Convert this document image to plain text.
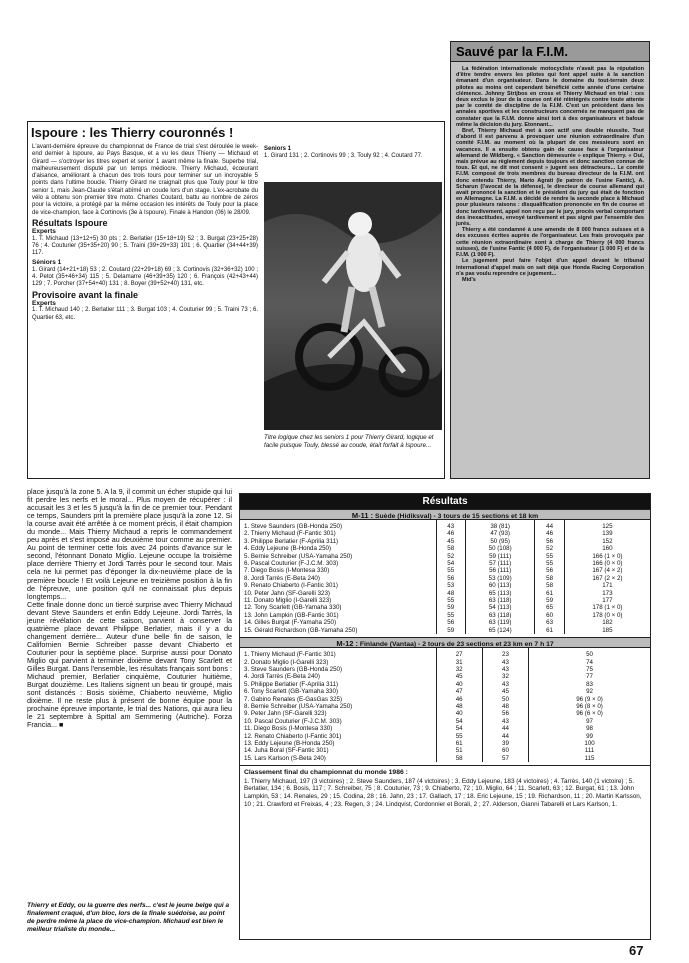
Sauvé par la F.I.M.

La fédération internationale motocycliste n'avait pas la réputation d'être tendre envers les pilotes qui font appel suite à la sanction émanant d'un organisateur. Dans le domaine du tout-terrain deux pilotes au moins ont cependant bénéficié cette année d'une certaine clémence. Johnny Strijbos en cross et Thierry Michaud en trial : ces deux exclus le jour de la course ont été réintégrés contre toute attente par le comité de discipline de la F.I.M. C'est un précédent dans les annales sportives et les constructeurs concernés ne manquent pas de constater que la F.I.M. donne ainsi tort à des organisateurs et bafoue même la décision du jury. Etonnant...

Bref, Thierry Michaud met à son actif une double réussite. Tout d'abord il est parvenu à provoquer une réunion extraordinaire d'un comité F.I.M. au moment où la plupart de ces messieurs sont en vacances. Il a ensuite obtenu gain de cause face à l'organisateur allemand de Wildberg. « Sanction démesurée » explique Thierry. « Oui, mais prévue au règlement depuis toujours et donc sanction connue de tous. Et qui, ne dit mot consent » jugent ses détracteurs... Le comité F.I.M. composé de trois membres du bureau directeur de la F.I.M. ont donc entendu Thierry, Mario Agrati (le patron de l'usine Fantic), A. Scharun (l'avocat de la défense), le directeur de course allemand qui avait prononcé la sanction et le président du jury qui était de fonction en Allemagne. La F.I.M. a décidé de rendre la seconde place à Michaud pour plusieurs raisons : disqualification prononcée en fin de course et donc tardivement, appel non reçu par le jury, procès verbal comportant des inexactitudes, envoyé tardivement et pas signé par l'ensemble des jurés.

Thierry a été condamné à une amende de 8 000 francs suisses et à des excuses écrites auprès de l'organisateur. Les frais provoqués par cette réunion extraordinaire sont à charge de Thierry (4 000 francs suisses), de l'usine Fantic (4 000 F), de l'organisateur (1 000 F) et de la F.I.M. (1 000 F).

Le jugement peut faire l'objet d'un appel devant le tribunal international d'appel mais on sait déjà que Honda Racing Corporation n'a pas voulu reprendre ce jugement...

Mid's

Ispoure : les Thierry couronnés !

L'avant-dernière épreuve du championnat de France de trial s'est déroulée le week-end dernier à Ispoure, au Pays Basque, et a vu les deux Thierry — Michaud et Girard — s'octroyer les titres expert et senior 1 avant même la finale. Superbe trial, malheureusement disputé par un temps médiocre. Thierry Michaud, écœurant d'aisance, améliorant à chacun des trois tours pour terminer sur un incroyable 5 points dans l'ultime boucle. Thierry Girard ne craignait plus que Touly pour le titre senior 1, mais Jean-Claude s'était abîmé un coude lors d'un stage. L'ex-acrobate du vélo a obtenu son premier titre moto. Charles Coutard, battu au nombre de zéros pour la victoire, a protégé par la même occasion les intérêts de Touly pour la place de vice-champion, face à Cortinovis (3e à Ispoure). Finale à Handon (06) le 28/09.

Résultats Ispoure
Experts

1. T. Michaud (13+12+5) 30 pts ; 2. Berlatier (15+18+19) 52 ; 3. Burgat (23+25+28) 76 ; 4. Couturier (35+35+20) 90 ; 5. Traini (39+29+33) 101 ; 6. Quartier (34+44+39) 117.

Séniors 1

1. Girard (14+21+18) 53 ; 2. Coutard (22+29+18) 69 ; 3. Cortinovis (32+36+32) 100 ; 4. Petot (35+46+34) 115 ; 5. Delamarre (46+39+35) 120 ; 6. François (42+43+44) 129 ; 7. Porcher (37+54+40) 131 ; 8. Boyer (39+52+40) 131, etc.

Provisoire avant la finale
Experts

1. T. Michaud 140 ; 2. Berlatier 111 ; 3. Burgat 103 ; 4. Couturier 99 ; 5. Traini 73 ; 6. Quartier 63, etc.

Seniors 1

1. Girard 131 ; 2. Cortinovis 99 ; 3. Touly 92 ; 4. Coutard 77.

Titre logique chez les seniors 1 pour Thierry Girard, logique et facile puisque Touly, blessé au coude, était forfait à Ispoure...

place jusqu'à la zone 5. A la 9, il commit un écher stupide qui lui fit perdre les nerfs et le moral... Plus moyen de récupérer : il accusait les 3 et les 5 jusqu'à la fin de ce premier tour. Pendant ce temps, Saunders prit la première place jusqu'à la zone 12. Si la course avait été arrêtée à ce moment précis, il était champion du monde... Mais Thierry Michaud a repris le commandement peu après et s'est imposé au deuxième tour comme au premier. Au point de terminer cette fois avec 24 points d'avance sur le second, l'étonnant Donato Miglio. Lejeune occupe la troisième place derrière Thierry et Jordi Tarrès pour le second tour. Mais cela ne lui permet pas d'éponger la dix-neuvième place de la première boucle ! Et voilà Lejeune en treizième position à la fin de l'épreuve, une position qu'il ne connaissait plus depuis longtemps...

Cette finale donne donc un tiercé surprise avec Thierry Michaud devant Steve Saunders et enfin Eddy Lejeune. Jordi Tarrès, la jeune révélation de cette saison, parvient à conserver la quatrième place devant Philippe Berlatier, mais il y a du changement derrière... Auteur d'une belle fin de saison, le Californien Bernie Schreiber passe devant Chiaberto et Couturier pour la septième place. Surprise aussi pour Donato Miglio qui parvient à terminer dixième devant Tony Scarlett et Gilles Burgat. Dans l'ensemble, les résultats français sont bons : Michaud premier, Berlatier cinquième, Couturier huitième, Burgat douzième. Les Italiens signent un beau tir groupé, mais sont distancés : Bosis sixième, Chiaberto neuvième, Miglio dixième. Il ne reste plus à présent de bonne équipe pour la prochaine épreuve importante, le trial des Nations, qui aura lieu le 21 septembre à Spittal am Semmering (Autriche). Forza Francia... ■

Thierry et Eddy, ou la guerre des nerfs... c'est le jeune belge qui a finalement craqué, d'un bloc, lors de la finale suédoise, au point de perdre même la place de vice-champion. Michaud est bien le meilleur trialiste du monde...
Résultats
M-11 : Suède (Hidiksval) - 3 tours de 15 sections et 18 km
1. Steve Saunders (GB-Honda 250)	43	38 (81)	44	125
2. Thierry Michaud (F-Fantic 301)	46	47 (93)	46	139
3. Philippe Berlatier (F-Aprilia 311)	45	50 (95)	56	152
4. Eddy Lejeune (B-Honda 250)	58	50 (108)	52	160
5. Bernie Schreiber (USA-Yamaha 250)	52	59 (111)	55	166 (1 × 0)
6. Pascal Couturier (F-J.C.M. 303)	54	57 (111)	55	166 (0 × 0)
7. Diego Bosis (I-Montesa 330)	55	56 (111)	56	167 (4 × 2)
8. Jordi Tarrès (E-Beta 240)	56	53 (109)	58	167 (2 × 2)
9. Renato Chiaberto (I-Fantic 301)	53	60 (113)	58	171
10. Peter Jahn (SF-Garelli 323)	48	65 (113)	61	173
11. Donato Miglio (I-Garelli 323)	55	63 (118)	59	177
12. Tony Scarlett (GB-Yamaha 330)	59	54 (113)	65	178 (1 × 0)
13. John Lampkin (GB-Fantic 301)	55	63 (118)	60	178 (0 × 0)
14. Gilles Burgat (F-Yamaha 250)	56	63 (119)	63	182
15. Gérald Richardson (GB-Yamaha 250)	59	65 (124)	61	185
M-12 : Finlande (Vantaa) - 2 tours de 23 sections et 23 km en 7 h 17
1. Thierry Michaud (F-Fantic 301)	27	23	50
2. Donato Miglio (I-Garelli 323)	31	43	74
3. Steve Saunders (GB-Honda 250)	32	43	75
4. Jordi Tarrès (E-Beta 240)	45	32	77
5. Philippe Berlatier (F-Aprilia 311)	40	43	83
6. Tony Scarlett (GB-Yamaha 330)	47	45	92
7. Gabino Renales (E-GasGas 325)	46	50	96 (9 × 0)
8. Bernie Schreiber (USA-Yamaha 250)	48	48	96 (8 × 0)
9. Peter Jahn (SF-Garelli 323)	40	56	96 (6 × 0)
10. Pascal Couturier (F-J.C.M. 303)	54	43	97
11. Diego Bosis (I-Montesa 330)	54	44	98
12. Renato Chiaberto (I-Fantic 301)	55	44	99
13. Eddy Lejeune (B-Honda 250)	61	39	100
14. Juha Boral (SF-Fantic 301)	51	60	111
15. Lars Karlson (S-Beta 240)	58	57	115
Classement final du championnat du monde 1986 :
1. Thierry Michaud, 197 (3 victoires) ; 2. Steve Saunders, 187 (4 victoires) ; 3. Eddy Lejeune, 183 (4 victoires) ; 4. Tarrès, 140 (1 victoire) ; 5. Berlatier, 134 ; 6. Bosis, 117 ; 7. Schreiber, 75 ; 8. Couturier, 73 ; 9. Chiaberto, 72 ; 10. Miglio, 64 ; 11. Scarlett, 63 ; 12. Burgat, 61 ; 13. John Lampkin, 53 ; 14. Renales, 29 ; 15. Codina, 28 ; 16. Jahn, 23 ; 17. Gallach, 17 ; 18. Eric Lejeune, 15 ; 19. Richardson, 11 ; 20. Martin Karlsson, 10 ; 21. Crawford et Freixas, 4 ; 23. Regen, 3 ; 24. Lindqvist, Cordonnier et Borali, 2 ; 27. Alderson, Gianni Tabarelli et Lars Karlson, 1.
67
